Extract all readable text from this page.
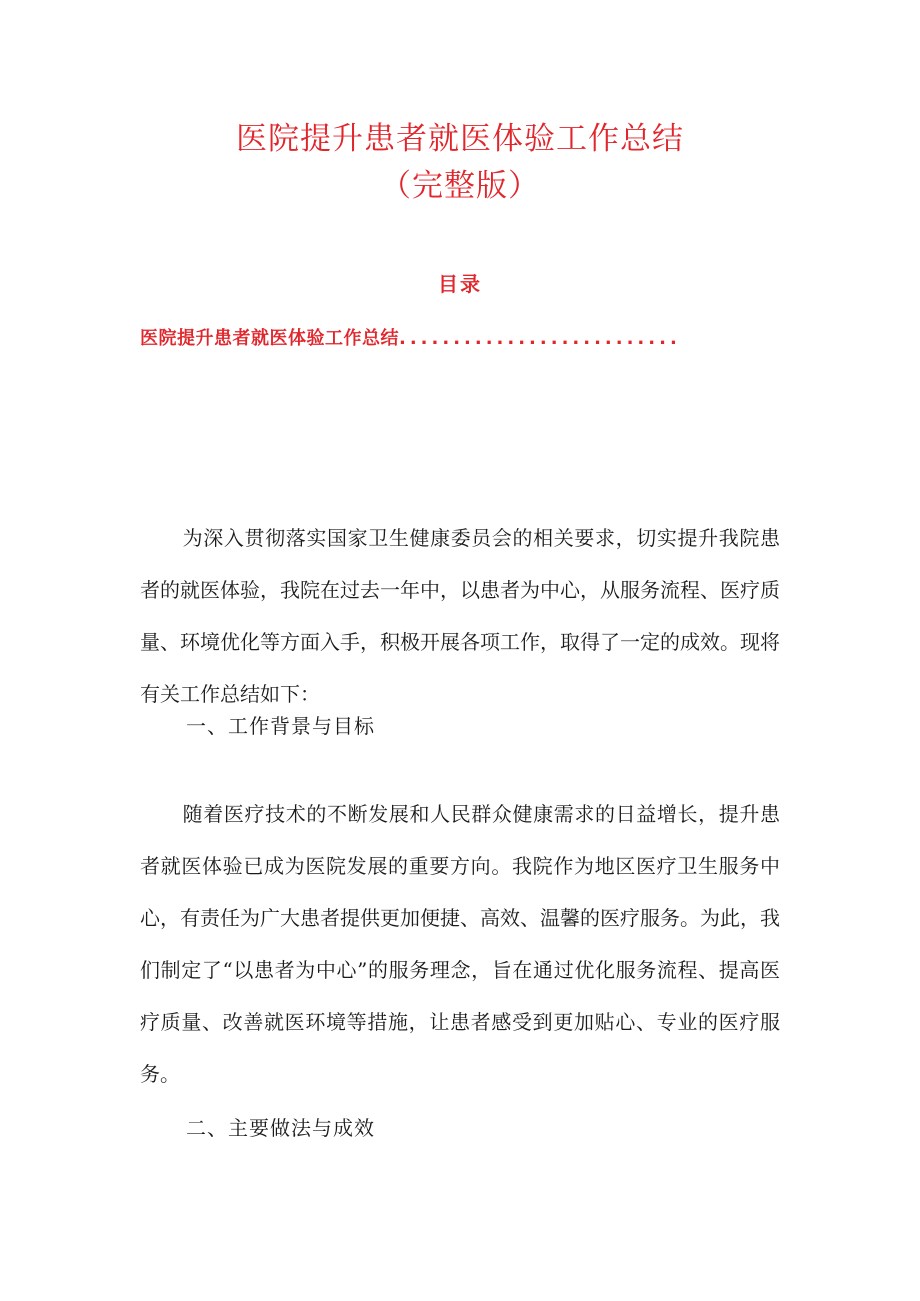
医院提升患者就医体验工作总结
（完整版）
目录
医院提升患者就医体验工作总结..........................

为深入贯彻落实国家卫生健康委员会的相关要求，切实提升我院患者的就医体验，我院在过去一年中，以患者为中心，从服务流程、医疗质量、环境优化等方面入手，积极开展各项工作，取得了一定的成效。现将有关工作总结如下：

一、工作背景与目标

随着医疗技术的不断发展和人民群众健康需求的日益增长，提升患者就医体验已成为医院发展的重要方向。我院作为地区医疗卫生服务中心，有责任为广大患者提供更加便捷、高效、温馨的医疗服务。为此，我们制定了“以患者为中心”的服务理念，旨在通过优化服务流程、提高医疗质量、改善就医环境等措施，让患者感受到更加贴心、专业的医疗服务。

二、主要做法与成效
